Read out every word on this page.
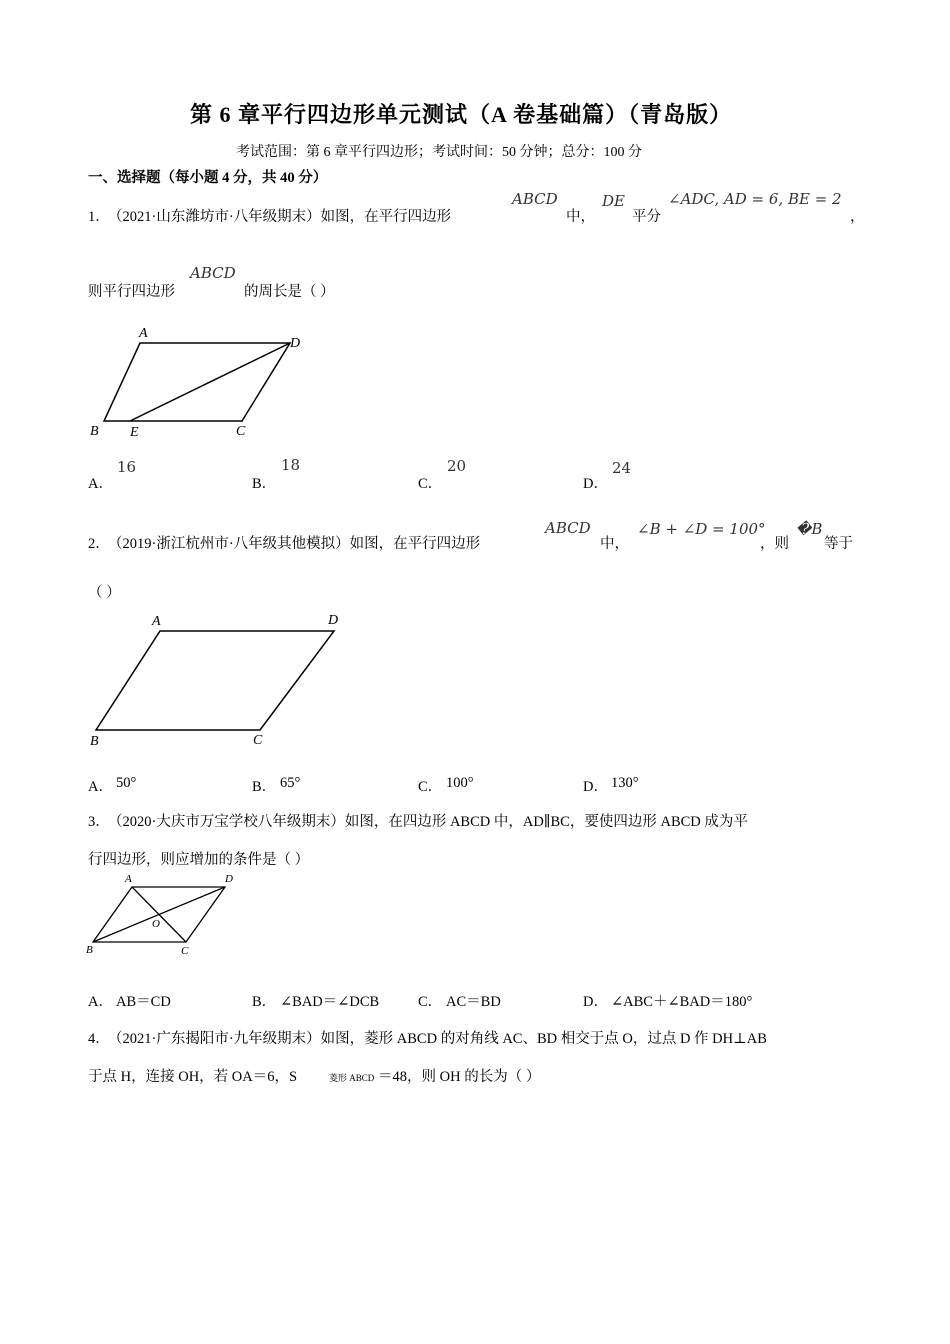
第 6 章平行四边形单元测试（A 卷基础篇）（青岛版）
考试范围：第 6 章平行四边形；考试时间：50 分钟；总分：100 分
一、选择题（每小题 4 分，共 40 分）
1．
（2021·山东潍坊市·八年级期末）如图，在平行四边形
ABCD
中，
DE
平分
∠ADC, AD = 6, BE = 2
，
则平行四边形
ABCD
的周长是（ ）
A
D
B E	C
A．
16
B．
18
C．
20
D．
24
2．
（2019·浙江杭州市·八年级其他模拟）如图，在平行四边形
ABCD
中，
∠B + ∠D = 100°
，则
�B
等于
（ ）
A	D
B	C
A． 50°	B． 65°	C． 100°	D． 130°
3．
（2020·大庆市万宝学校八年级期末）如图，在四边形 ABCD 中，AD∥BC，要使四边形 ABCD 成为平
行四边形，则应增加的条件是（ ）
A	D
O
B	C
A． AB＝CD	B． ∠BAD＝∠DCB	C． AC＝BD	D． ∠ABC＋∠BAD＝180°
4．
（2021·广东揭阳市·九年级期末）如图，菱形 ABCD 的对角线 AC、BD 相交于点 O，过点 D 作 DH⊥AB
于点 H，连接 OH，若 OA＝6，S	菱形 ABCD ＝48，则 OH 的长为（ ）
